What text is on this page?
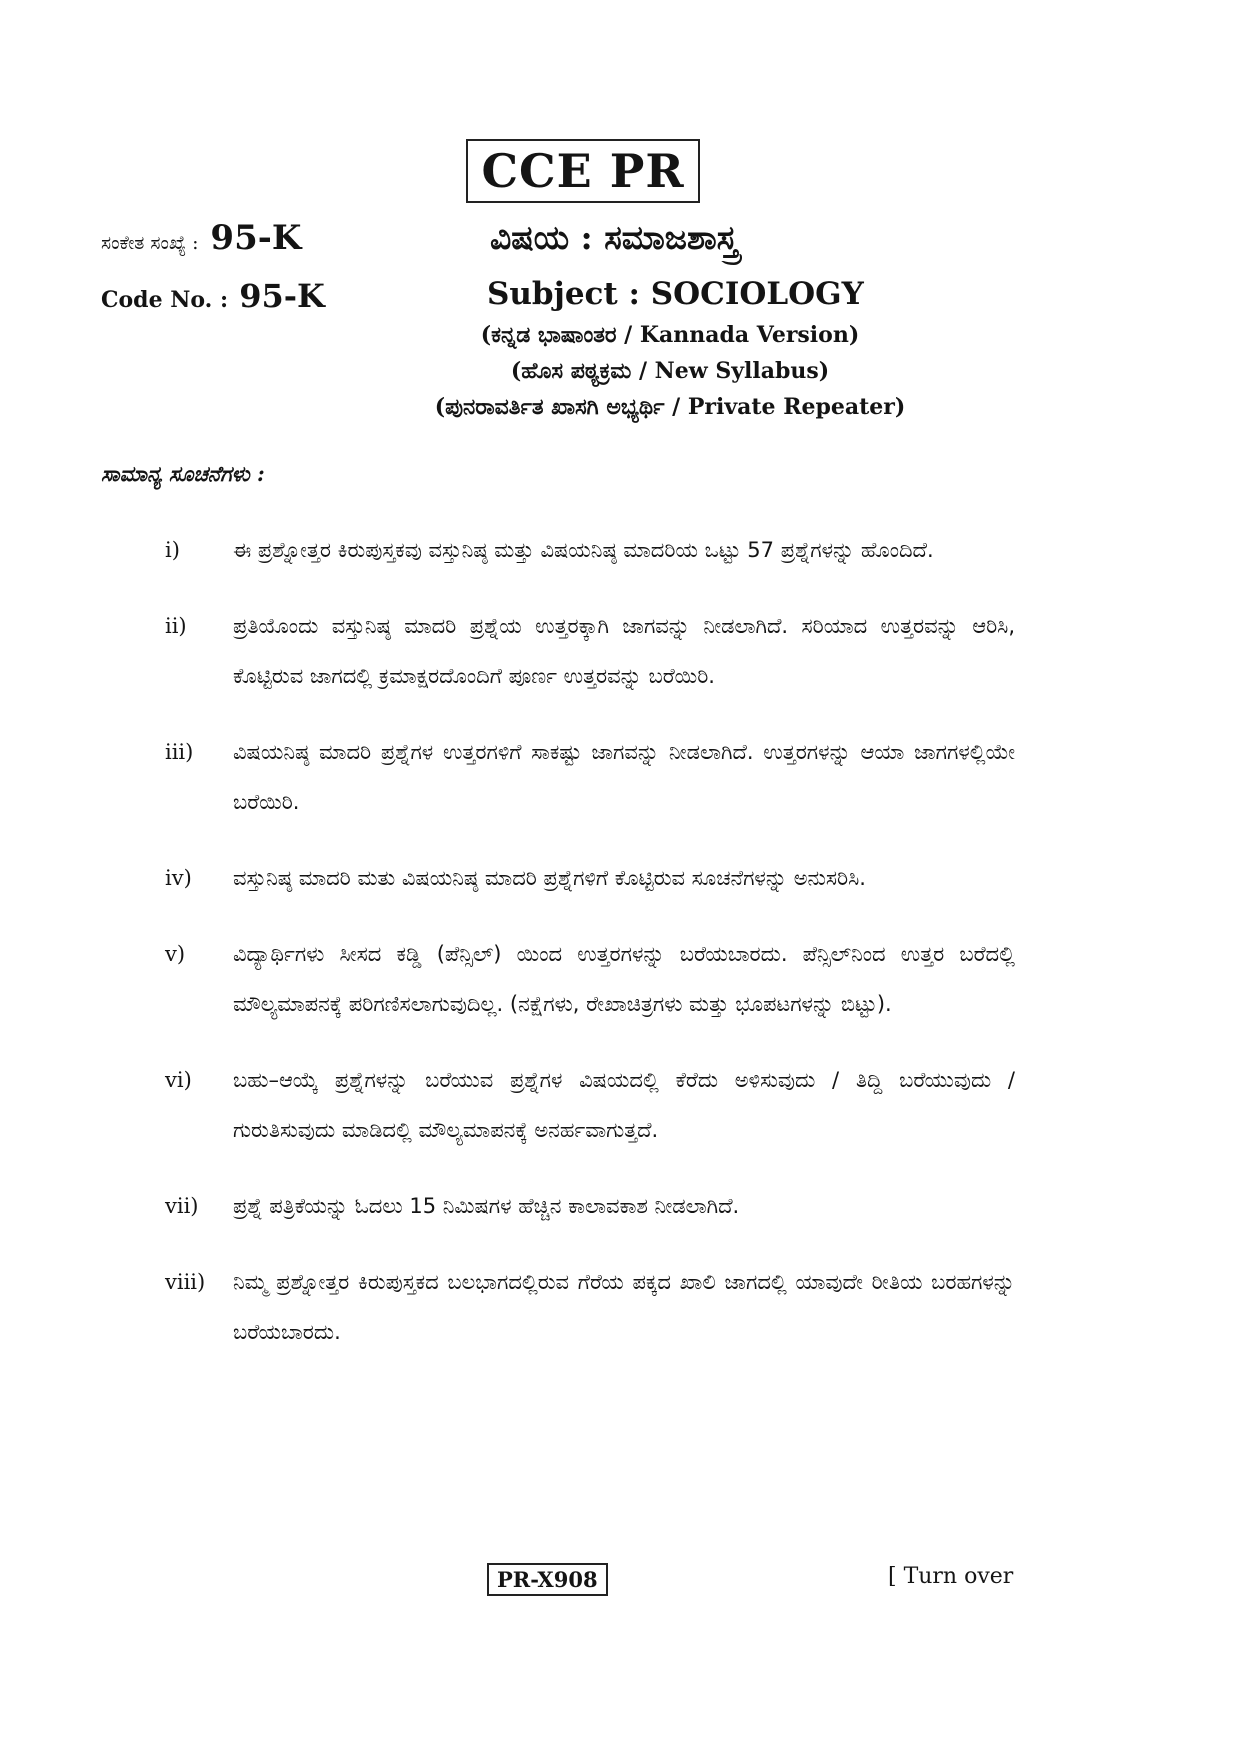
CCE PR
ಸಂಕೇತ ಸಂಖ್ಯೆ : 95-K
Code No. : 95-K
ವಿಷಯ : ಸಮಾಜಶಾಸ್ತ್ರ
Subject : SOCIOLOGY
(ಕನ್ನಡ ಭಾಷಾಂತರ / Kannada Version)
(ಹೊಸ ಪಠ್ಯಕ್ರಮ / New Syllabus)
(ಪುನರಾವರ್ತಿತ ಖಾಸಗಿ ಅಭ್ಯರ್ಥಿ / Private Repeater)
ಸಾಮಾನ್ಯ ಸೂಚನೆಗಳು :
i)	ಈ ಪ್ರಶ್ನೋತ್ತರ ಕಿರುಪುಸ್ತಕವು ವಸ್ತುನಿಷ್ಠ ಮತ್ತು ವಿಷಯನಿಷ್ಠ ಮಾದರಿಯ ಒಟ್ಟು 57 ಪ್ರಶ್ನೆಗಳನ್ನು ಹೊಂದಿದೆ.
ii)	ಪ್ರತಿಯೊಂದು ವಸ್ತುನಿಷ್ಠ ಮಾದರಿ ಪ್ರಶ್ನೆಯ ಉತ್ತರಕ್ಕಾಗಿ ಜಾಗವನ್ನು ನೀಡಲಾಗಿದೆ. ಸರಿಯಾದ ಉತ್ತರವನ್ನು ಆರಿಸಿ, ಕೊಟ್ಟಿರುವ ಜಾಗದಲ್ಲಿ ಕ್ರಮಾಕ್ಷರದೊಂದಿಗೆ ಪೂರ್ಣ ಉತ್ತರವನ್ನು ಬರೆಯಿರಿ.
iii)	ವಿಷಯನಿಷ್ಠ ಮಾದರಿ ಪ್ರಶ್ನೆಗಳ ಉತ್ತರಗಳಿಗೆ ಸಾಕಷ್ಟು ಜಾಗವನ್ನು ನೀಡಲಾಗಿದೆ. ಉತ್ತರಗಳನ್ನು ಆಯಾ ಜಾಗಗಳಲ್ಲಿಯೇ ಬರೆಯಿರಿ.
iv)	ವಸ್ತುನಿಷ್ಠ ಮಾದರಿ ಮತು ವಿಷಯನಿಷ್ಠ ಮಾದರಿ ಪ್ರಶ್ನೆಗಳಿಗೆ ಕೊಟ್ಟಿರುವ ಸೂಚನೆಗಳನ್ನು ಅನುಸರಿಸಿ.
v)	ವಿದ್ಯಾರ್ಥಿಗಳು ಸೀಸದ ಕಡ್ಡಿ (ಪೆನ್ಸಿಲ್) ಯಿಂದ ಉತ್ತರಗಳನ್ನು ಬರೆಯಬಾರದು. ಪೆನ್ಸಿಲ್‌ನಿಂದ ಉತ್ತರ ಬರೆದಲ್ಲಿ ಮೌಲ್ಯಮಾಪನಕ್ಕೆ ಪರಿಗಣಿಸಲಾಗುವುದಿಲ್ಲ. (ನಕ್ಷೆಗಳು, ರೇಖಾಚಿತ್ರಗಳು ಮತ್ತು ಭೂಪಟಗಳನ್ನು ಬಿಟ್ಟು).
vi)	ಬಹು–ಆಯ್ಕೆ ಪ್ರಶ್ನೆಗಳನ್ನು ಬರೆಯುವ ಪ್ರಶ್ನೆಗಳ ವಿಷಯದಲ್ಲಿ ಕೆರೆದು ಅಳಿಸುವುದು / ತಿದ್ದಿ ಬರೆಯುವುದು / ಗುರುತಿಸುವುದು ಮಾಡಿದಲ್ಲಿ ಮೌಲ್ಯಮಾಪನಕ್ಕೆ ಅನರ್ಹವಾಗುತ್ತದೆ.
vii)	ಪ್ರಶ್ನೆ ಪತ್ರಿಕೆಯನ್ನು ಓದಲು 15 ನಿಮಿಷಗಳ ಹೆಚ್ಚಿನ ಕಾಲಾವಕಾಶ ನೀಡಲಾಗಿದೆ.
viii)	ನಿಮ್ಮ ಪ್ರಶ್ನೋತ್ತರ ಕಿರುಪುಸ್ತಕದ ಬಲಭಾಗದಲ್ಲಿರುವ ಗೆರೆಯ ಪಕ್ಕದ ಖಾಲಿ ಜಾಗದಲ್ಲಿ ಯಾವುದೇ ರೀತಿಯ ಬರಹಗಳನ್ನು ಬರೆಯಬಾರದು.
PR-X908	[ Turn over
